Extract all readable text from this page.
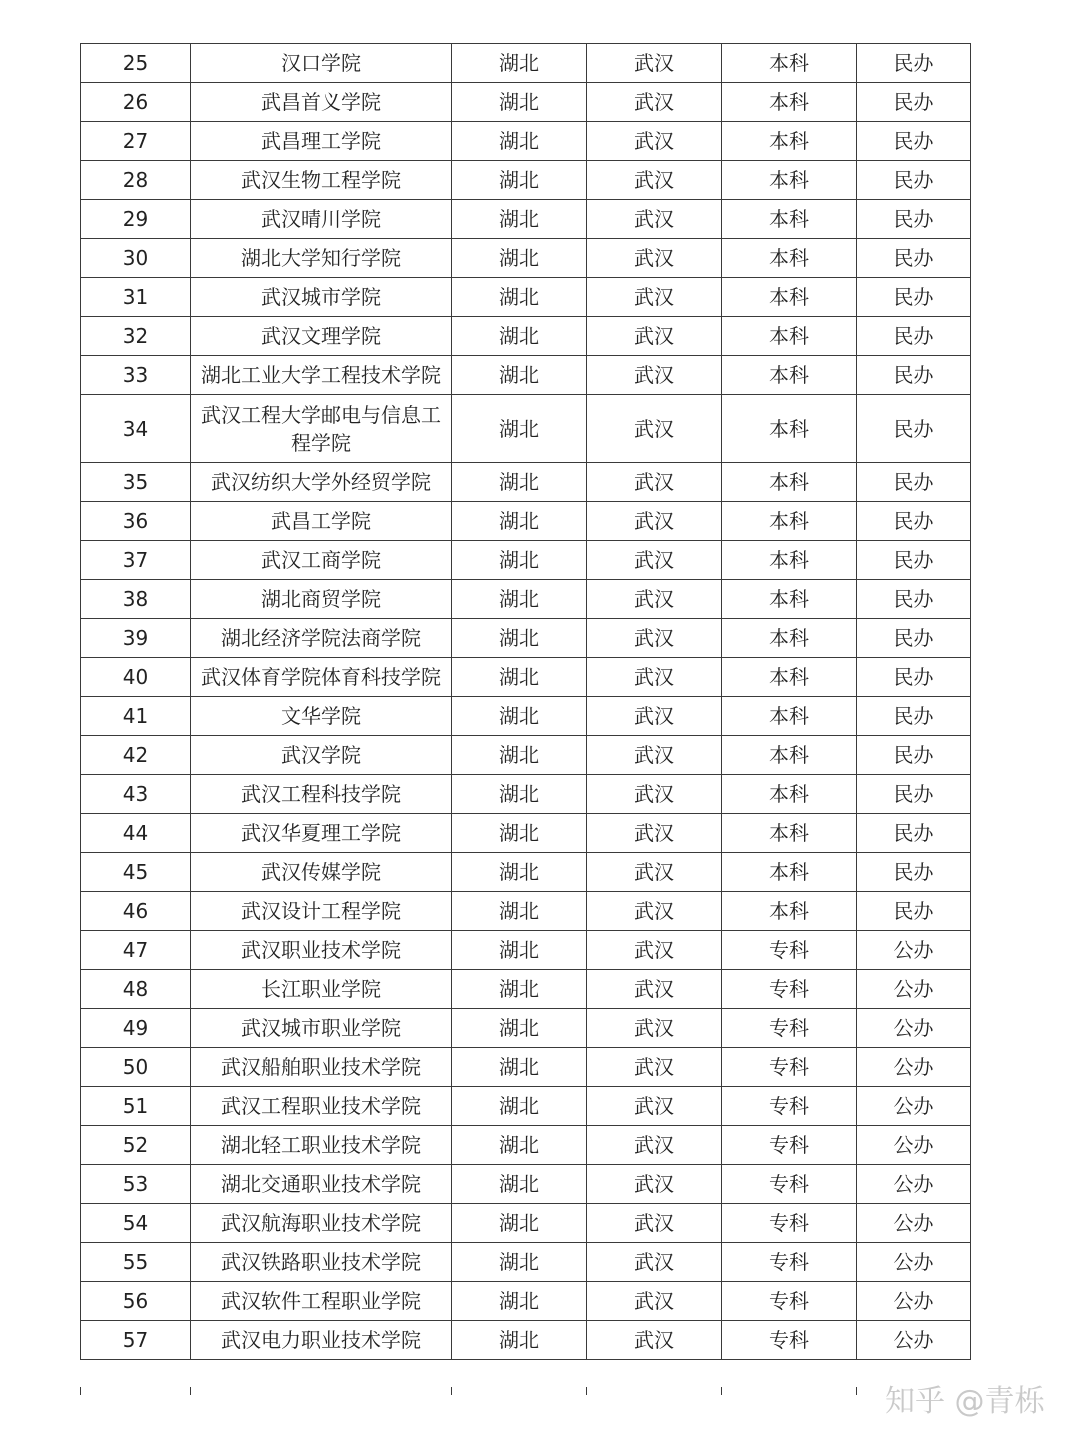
25	汉口学院	湖北	武汉	本科	民办
26	武昌首义学院	湖北	武汉	本科	民办
27	武昌理工学院	湖北	武汉	本科	民办
28	武汉生物工程学院	湖北	武汉	本科	民办
29	武汉晴川学院	湖北	武汉	本科	民办
30	湖北大学知行学院	湖北	武汉	本科	民办
31	武汉城市学院	湖北	武汉	本科	民办
32	武汉文理学院	湖北	武汉	本科	民办
33	湖北工业大学工程技术学院	湖北	武汉	本科	民办
34	武汉工程大学邮电与信息工程学院	湖北	武汉	本科	民办
35	武汉纺织大学外经贸学院	湖北	武汉	本科	民办
36	武昌工学院	湖北	武汉	本科	民办
37	武汉工商学院	湖北	武汉	本科	民办
38	湖北商贸学院	湖北	武汉	本科	民办
39	湖北经济学院法商学院	湖北	武汉	本科	民办
40	武汉体育学院体育科技学院	湖北	武汉	本科	民办
41	文华学院	湖北	武汉	本科	民办
42	武汉学院	湖北	武汉	本科	民办
43	武汉工程科技学院	湖北	武汉	本科	民办
44	武汉华夏理工学院	湖北	武汉	本科	民办
45	武汉传媒学院	湖北	武汉	本科	民办
46	武汉设计工程学院	湖北	武汉	本科	民办
47	武汉职业技术学院	湖北	武汉	专科	公办
48	长江职业学院	湖北	武汉	专科	公办
49	武汉城市职业学院	湖北	武汉	专科	公办
50	武汉船舶职业技术学院	湖北	武汉	专科	公办
51	武汉工程职业技术学院	湖北	武汉	专科	公办
52	湖北轻工职业技术学院	湖北	武汉	专科	公办
53	湖北交通职业技术学院	湖北	武汉	专科	公办
54	武汉航海职业技术学院	湖北	武汉	专科	公办
55	武汉铁路职业技术学院	湖北	武汉	专科	公办
56	武汉软件工程职业学院	湖北	武汉	专科	公办
57	武汉电力职业技术学院	湖北	武汉	专科	公办
知乎 @青栎
